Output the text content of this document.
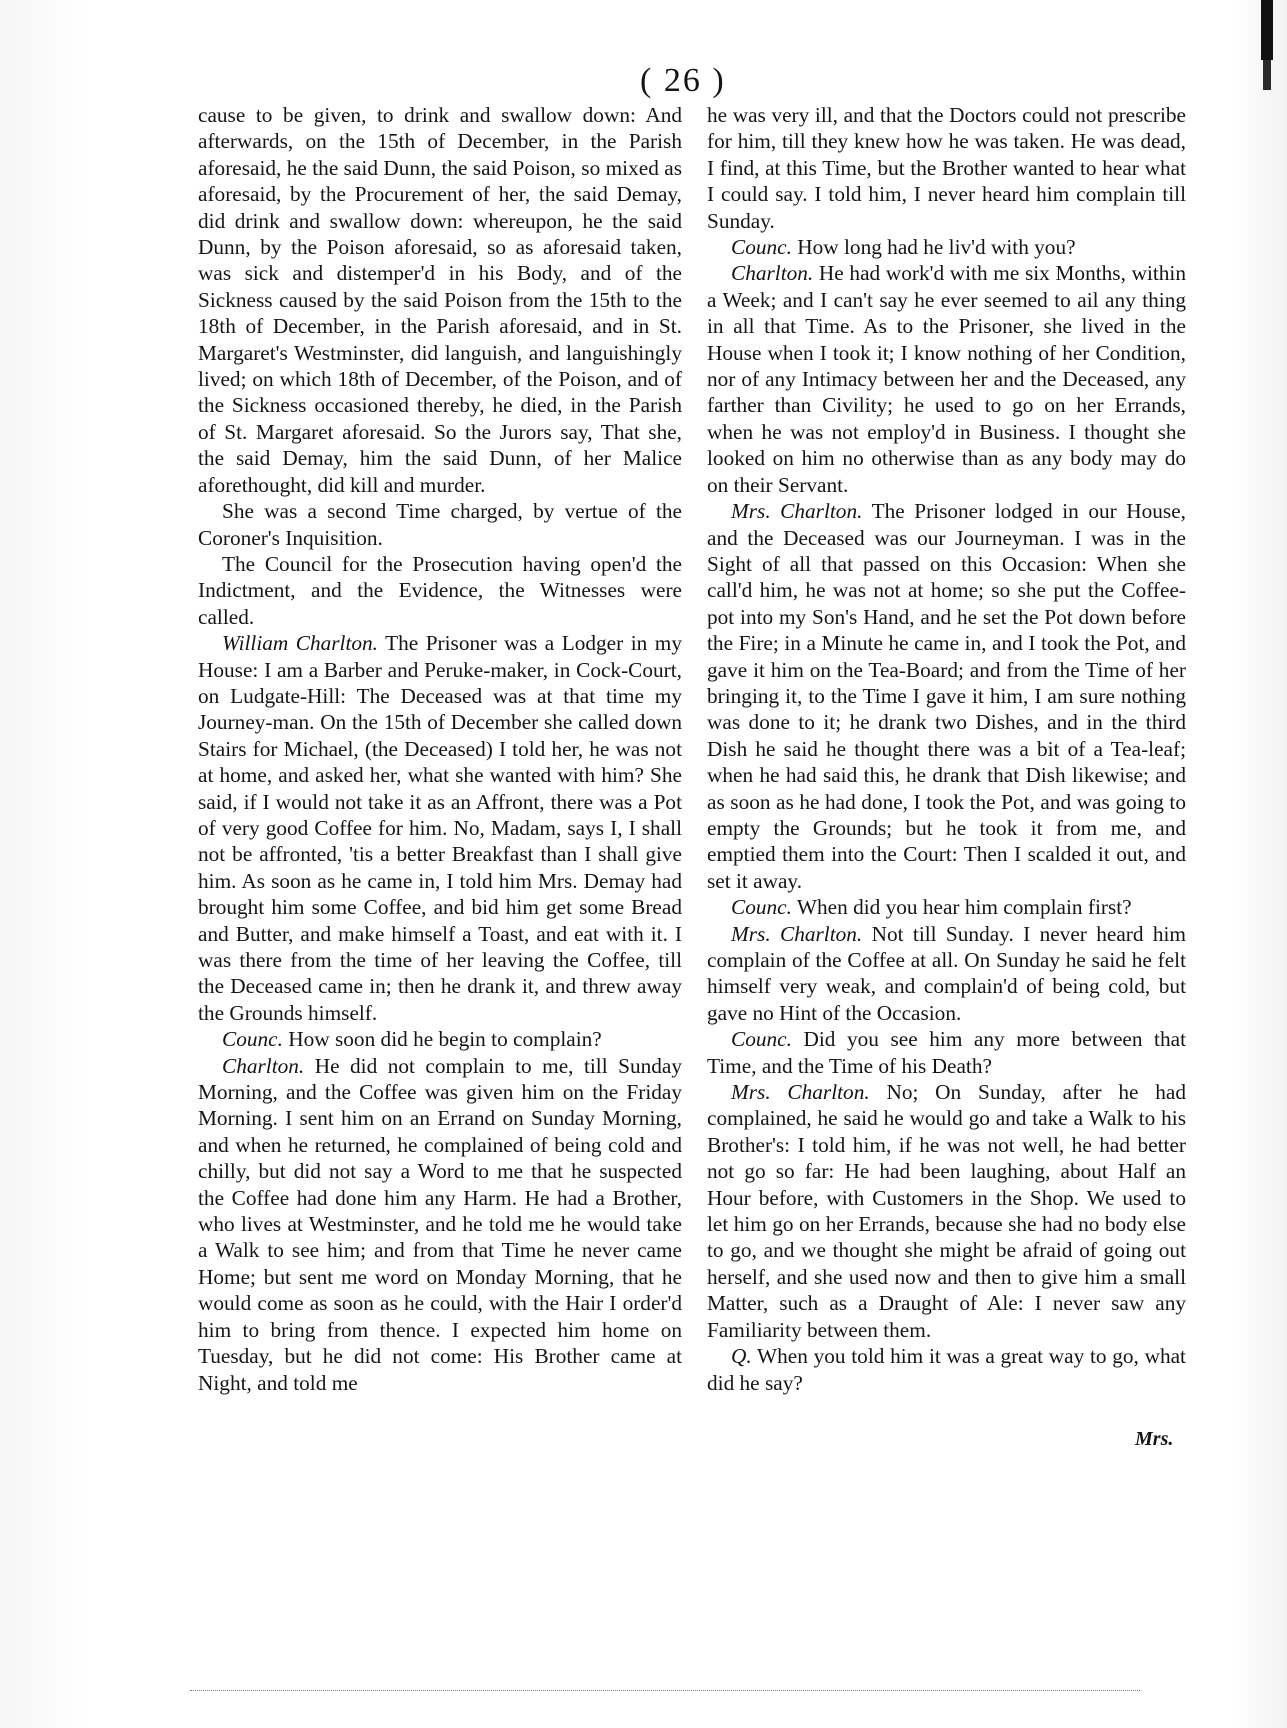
( 26 )

cause to be given, to drink and swallow down: And afterwards, on the 15th of December, in the Parish aforesaid, he the said Dunn, the said Poison, so mixed as aforesaid, by the Procurement of her, the said Demay, did drink and swallow down: whereupon, he the said Dunn, by the Poison aforesaid, so as aforesaid taken, was sick and distemper'd in his Body, and of the Sickness caused by the said Poison from the 15th to the 18th of December, in the Parish aforesaid, and in St. Margaret's Westminster, did languish, and languishingly lived; on which 18th of December, of the Poison, and of the Sickness occasioned thereby, he died, in the Parish of St. Margaret aforesaid. So the Jurors say, That she, the said Demay, him the said Dunn, of her Malice aforethought, did kill and murder.

She was a second Time charged, by vertue of the Coroner's Inquisition.

The Council for the Prosecution having open'd the Indictment, and the Evidence, the Witnesses were called.

William Charlton. The Prisoner was a Lodger in my House: I am a Barber and Peruke-maker, in Cock-Court, on Ludgate-Hill: The Deceased was at that time my Journey-man. On the 15th of December she called down Stairs for Michael, (the Deceased) I told her, he was not at home, and asked her, what she wanted with him? She said, if I would not take it as an Affront, there was a Pot of very good Coffee for him. No, Madam, says I, I shall not be affronted, 'tis a better Breakfast than I shall give him. As soon as he came in, I told him Mrs. Demay had brought him some Coffee, and bid him get some Bread and Butter, and make himself a Toast, and eat with it. I was there from the time of her leaving the Coffee, till the Deceased came in; then he drank it, and threw away the Grounds himself.

Counc. How soon did he begin to complain?

Charlton. He did not complain to me, till Sunday Morning, and the Coffee was given him on the Friday Morning. I sent him on an Errand on Sunday Morning, and when he returned, he complained of being cold and chilly, but did not say a Word to me that he suspected the Coffee had done him any Harm. He had a Brother, who lives at Westminster, and he told me he would take a Walk to see him; and from that Time he never came Home; but sent me word on Monday Morning, that he would come as soon as he could, with the Hair I order'd him to bring from thence. I expected him home on Tuesday, but he did not come: His Brother came at Night, and told me

he was very ill, and that the Doctors could not prescribe for him, till they knew how he was taken. He was dead, I find, at this Time, but the Brother wanted to hear what I could say. I told him, I never heard him complain till Sunday.

Counc. How long had he liv'd with you?

Charlton. He had work'd with me six Months, within a Week; and I can't say he ever seemed to ail any thing in all that Time. As to the Prisoner, she lived in the House when I took it; I know nothing of her Condition, nor of any Intimacy between her and the Deceased, any farther than Civility; he used to go on her Errands, when he was not employ'd in Business. I thought she looked on him no otherwise than as any body may do on their Servant.

Mrs. Charlton. The Prisoner lodged in our House, and the Deceased was our Journeyman. I was in the Sight of all that passed on this Occasion: When she call'd him, he was not at home; so she put the Coffee-pot into my Son's Hand, and he set the Pot down before the Fire; in a Minute he came in, and I took the Pot, and gave it him on the Tea-Board; and from the Time of her bringing it, to the Time I gave it him, I am sure nothing was done to it; he drank two Dishes, and in the third Dish he said he thought there was a bit of a Tea-leaf; when he had said this, he drank that Dish likewise; and as soon as he had done, I took the Pot, and was going to empty the Grounds; but he took it from me, and emptied them into the Court: Then I scalded it out, and set it away.

Counc. When did you hear him complain first?

Mrs. Charlton. Not till Sunday. I never heard him complain of the Coffee at all. On Sunday he said he felt himself very weak, and complain'd of being cold, but gave no Hint of the Occasion.

Counc. Did you see him any more between that Time, and the Time of his Death?

Mrs. Charlton. No; On Sunday, after he had complained, he said he would go and take a Walk to his Brother's: I told him, if he was not well, he had better not go so far: He had been laughing, about Half an Hour before, with Customers in the Shop. We used to let him go on her Errands, because she had no body else to go, and we thought she might be afraid of going out herself, and she used now and then to give him a small Matter, such as a Draught of Ale: I never saw any Familiarity between them.

Q. When you told him it was a great way to go, what did he say?

Mrs.
